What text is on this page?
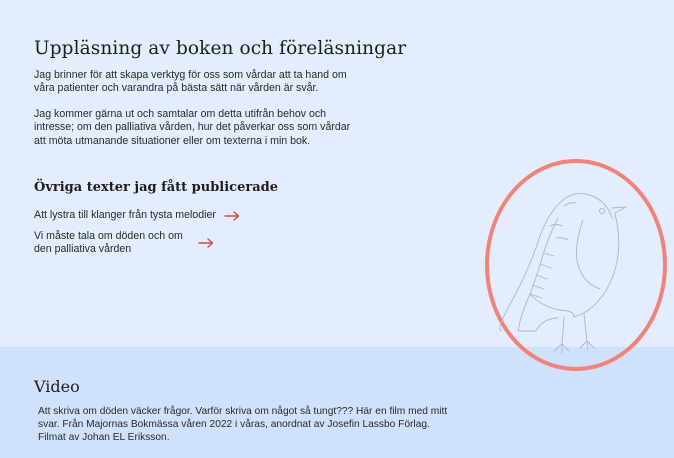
Uppläsning av boken och föreläsningar

Jag brinner för att skapa verktyg för oss som vårdar att ta hand om våra patienter och varandra på bästa sätt när vården är svår.

Jag kommer gärna ut och samtalar om detta utifrån behov och intresse; om den palliativa vården, hur det påverkar oss som vårdar att möta utmanande situationer eller om texterna i min bok.

Övriga texter jag fått publicerade
Att lystra till klanger från tysta melodier
Vi måste tala om döden och om den palliativa vården
Video

Att skriva om döden väcker frågor. Varför skriva om något så tungt??? Här en film med mitt svar. Från Majornas Bokmässa våren 2022 i våras, anordnat av Josefin Lassbo Förlag. Filmat av Johan EL Eriksson.
